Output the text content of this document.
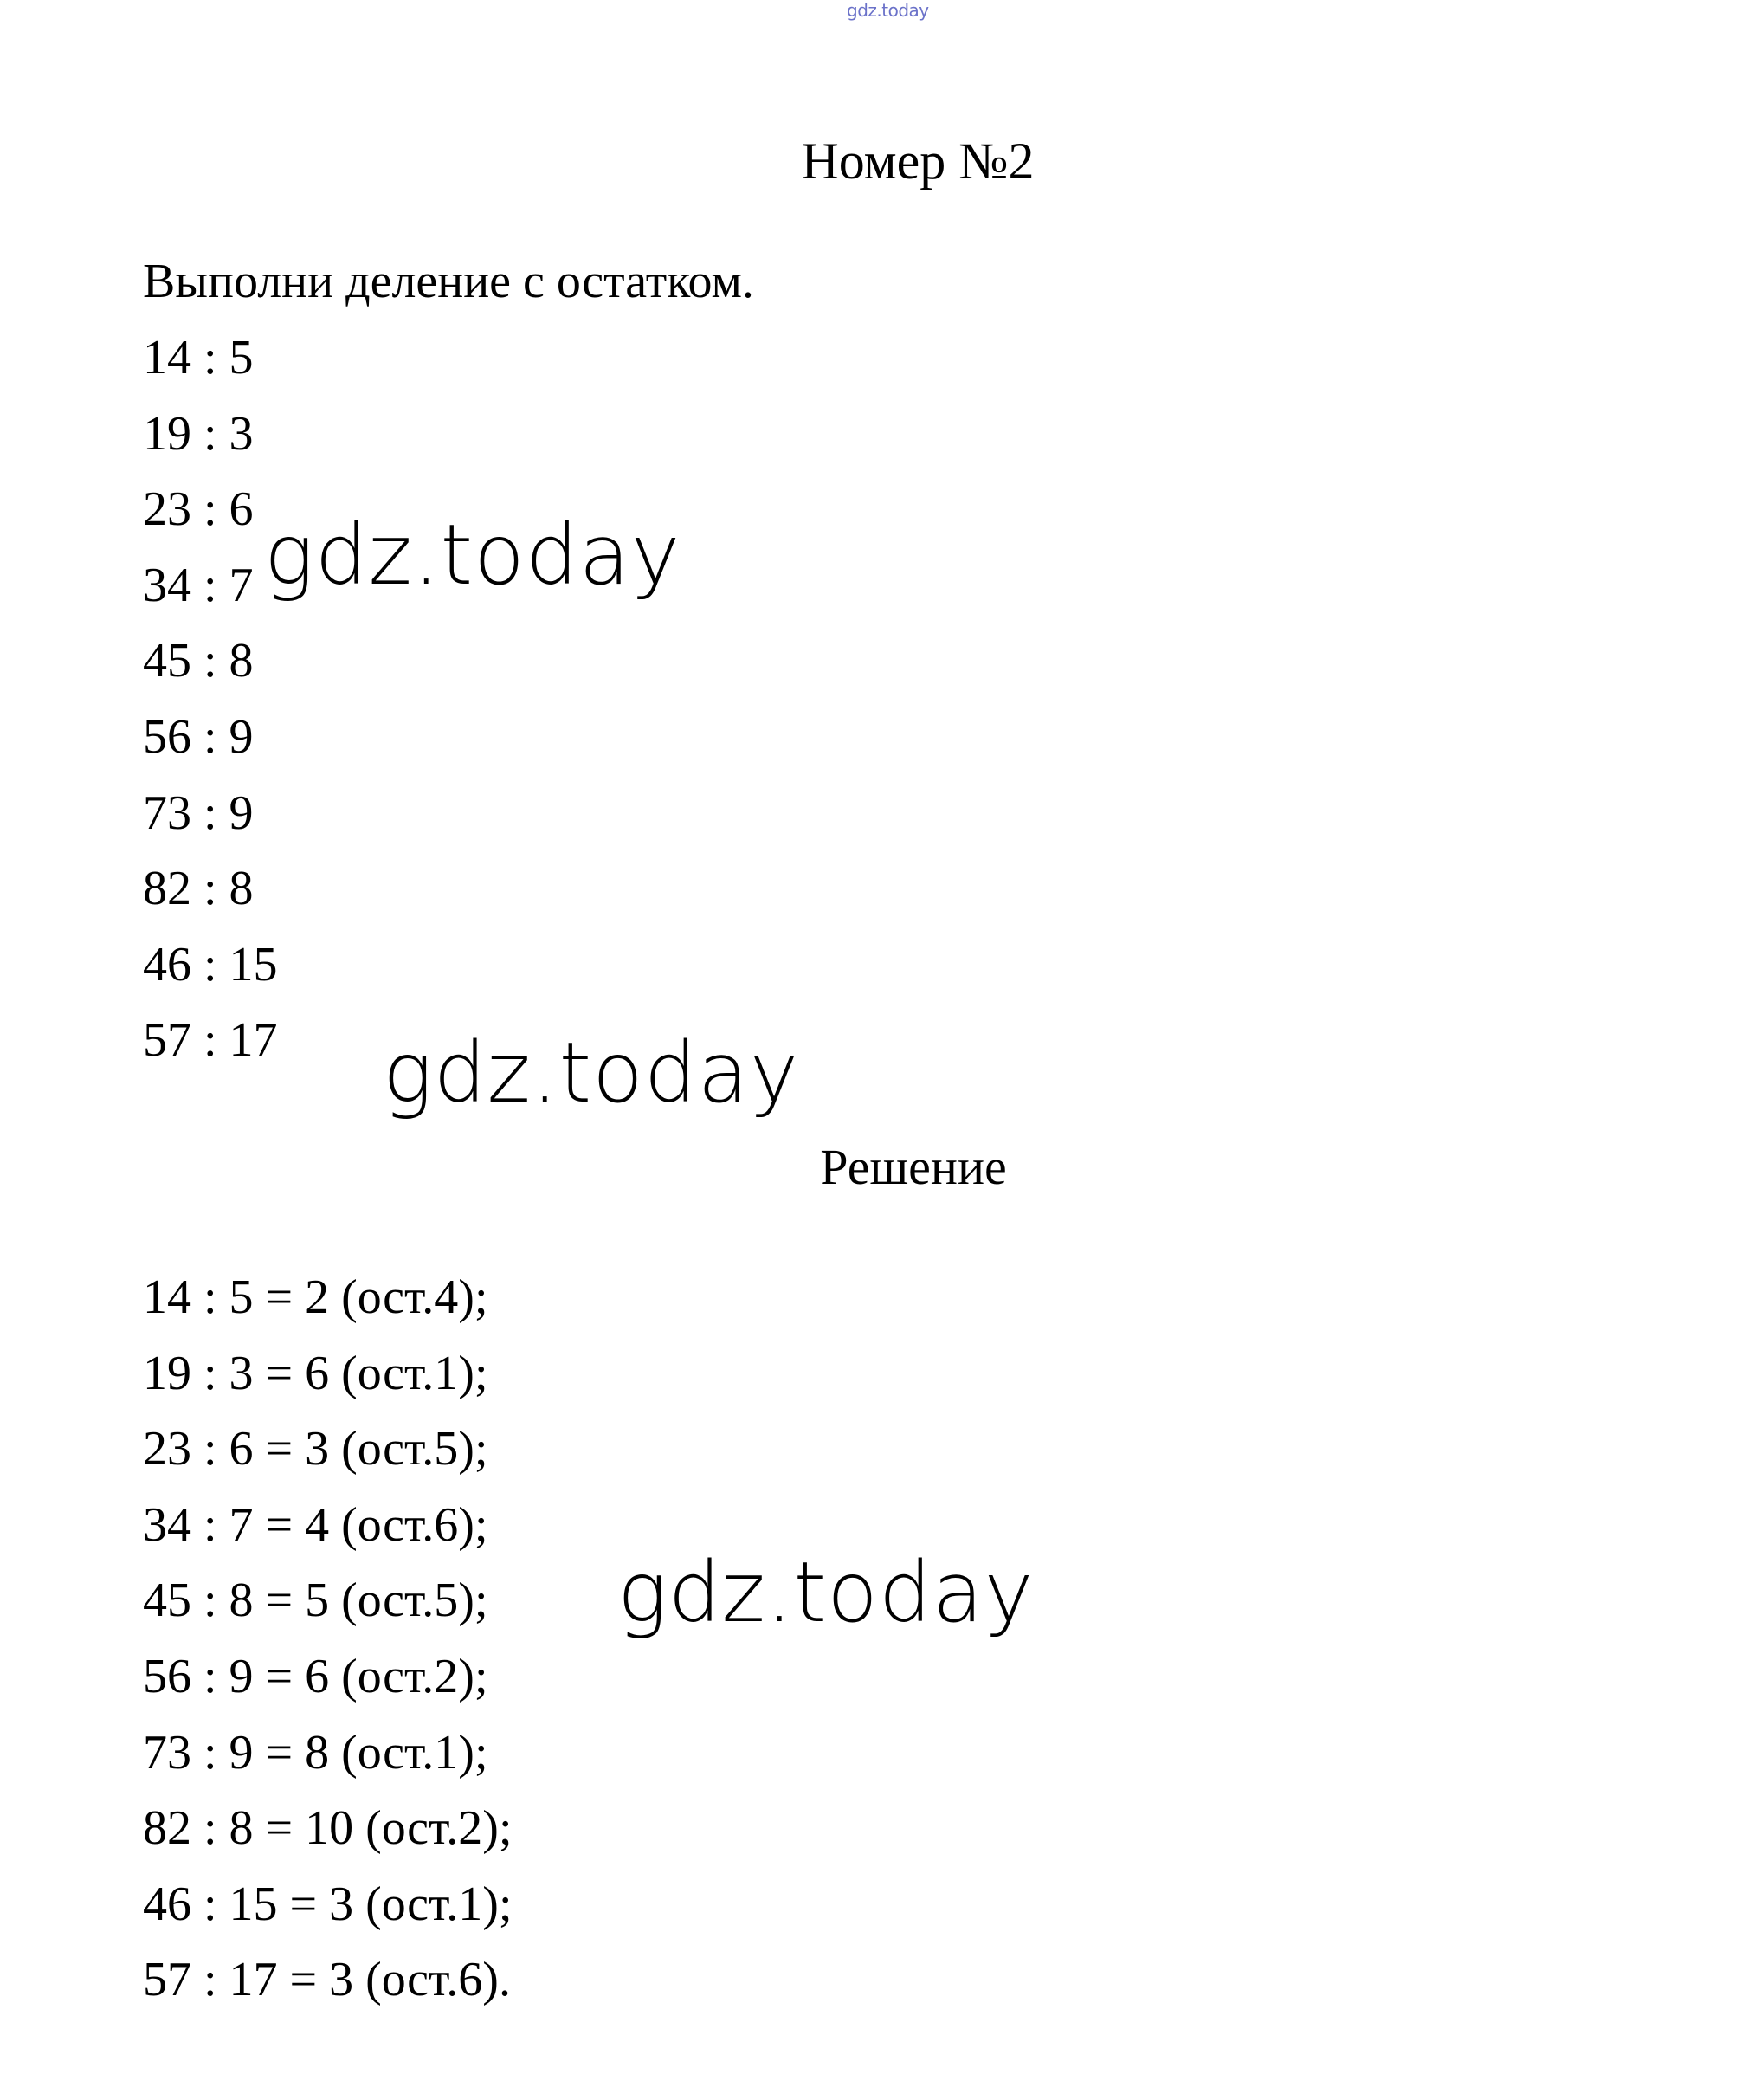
gdz.today
Номер №2
Выполни деление с остатком.
14 : 5
19 : 3
23 : 6
34 : 7
45 : 8
56 : 9
73 : 9
82 : 8
46 : 15
57 : 17
Решение
14 : 5 = 2 (ост.4);
19 : 3 = 6 (ост.1);
23 : 6 = 3 (ост.5);
34 : 7 = 4 (ост.6);
45 : 8 = 5 (ост.5);
56 : 9 = 6 (ост.2);
73 : 9 = 8 (ост.1);
82 : 8 = 10 (ост.2);
46 : 15 = 3 (ост.1);
57 : 17 = 3 (ост.6).
gdz.today
gdz.today
gdz.today
